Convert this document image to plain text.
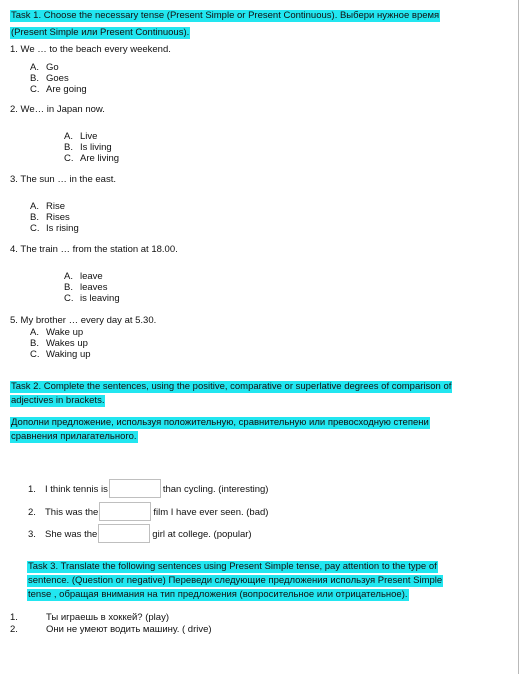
Task 1. Choose the necessary tense (Present Simple or Present Continuous). Выбери нужное время
(Present Simple или Present Continuous).
1. We … to the beach every weekend.
A. Go
B. Goes
C. Are going
2. We… in Japan now.
A. Live
B. Is living
C. Are living
3. The sun … in the east.
A. Rise
B. Rises
C. Is rising
4. The train … from the station at 18.00.
A. leave
B. leaves
C. is leaving
5. My brother … every day at 5.30.
A. Wake up
B. Wakes up
C. Waking up
Task 2. Complete the sentences, using the positive, comparative or superlative degrees of comparison of
adjectives in brackets.
Дополни предложение, используя положительную, сравнительную или превосходную степени
сравнения прилагательного.
1. I think tennis is	than cycling. (interesting)
2. This was the	film I have ever seen. (bad)
3. She was the	girl at college. (popular)
Task 3. Translate the following sentences using Present Simple tense, pay attention to the type of
sentence. (Question or negative) Переведи следующие предложения используя Present Simple
tense , обращая внимания на тип предложения (вопросительное или отрицательное).
1.	Ты играешь в хоккей? (play)
2.	Они не умеют водить машину. ( drive)
